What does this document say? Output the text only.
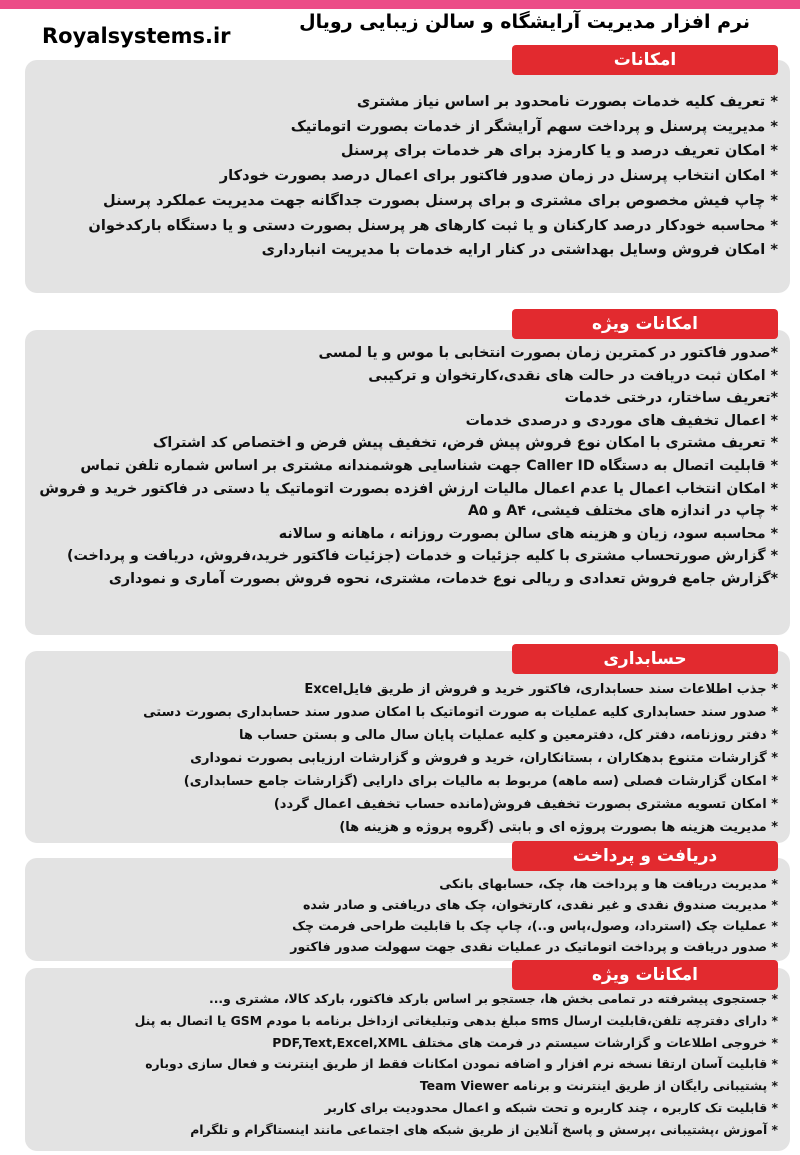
Royalsystems.ir
نرم افزار مدیریت آرایشگاه و سالن زیبایی رویال
* تعریف کلیه خدمات بصورت نامحدود بر اساس نیاز مشتری
* مدیریت پرسنل و پرداخت سهم آرایشگر از خدمات بصورت اتوماتیک
* امکان تعریف درصد و یا کارمزد برای هر خدمات برای پرسنل
* امکان انتخاب پرسنل در زمان صدور فاکتور برای اعمال درصد بصورت خودکار
* چاپ فیش مخصوص برای مشتری و برای پرسنل بصورت جداگانه جهت مدیریت عملکرد پرسنل
* محاسبه خودکار درصد کارکنان و یا ثبت کارهای هر پرسنل بصورت دستی و یا دستگاه بارکدخوان
* امکان فروش وسایل بهداشتی در کنار ارایه خدمات با مدیریت انبارداری
امکانات
*صدور فاکتور در کمترین زمان بصورت انتخابی با موس و یا لمسی
* امکان ثبت دریافت در حالت های نقدی،کارتخوان و ترکیبی
*تعریف ساختار، درختی خدمات
* اعمال تخفیف های موردی و درصدی خدمات
* تعریف مشتری با امکان نوع فروش پیش فرض، تخفیف پیش فرض و اختصاص کد اشتراک
* قابلیت اتصال به دستگاه Caller ID جهت شناسایی هوشمندانه مشتری بر اساس شماره تلفن تماس
* امکان انتخاب اعمال یا عدم اعمال مالیات ارزش افزده بصورت اتوماتیک یا دستی در فاکتور خرید و فروش
* چاپ در اندازه های مختلف فیشی، A۴ و A۵
* محاسبه سود، زیان و هزینه های سالن بصورت روزانه ، ماهانه و سالانه
* گزارش صورتحساب مشتری با کلیه جزئیات و خدمات (جزئیات فاکتور خرید،فروش، دریافت و پرداخت)
*گزارش جامع فروش تعدادی و ریالی نوع خدمات، مشتری، نحوه فروش بصورت آماری و نموداری
امکانات ویژه
* جذب اطلاعات سند حسابداری، فاکتور خرید و فروش از طریق فایلExcel
* صدور سند حسابداری کلیه عملیات به صورت اتوماتیک با امکان صدور سند حسابداری بصورت دستی
* دفتر روزنامه، دفتر کل، دفترمعین و کلیه عملیات پایان سال مالی و بستن حساب ها
* گزارشات متنوع بدهکاران ، بستانکاران، خرید و فروش و گزارشات ارزیابی بصورت نموداری
* امکان گزارشات فصلی (سه ماهه) مربوط به مالیات برای دارایی (گزارشات جامع حسابداری)
* امکان تسویه مشتری بصورت تخفیف فروش(مانده حساب تخفیف اعمال گردد)
* مدیریت هزینه ها بصورت پروژه ای و بابتی (گروه پروژه و هزینه ها)
حسابداری
* مدیریت دریافت ها و پرداخت ها، چک، حسابهای بانکی
* مدیریت صندوق نقدی و غیر نقدی، کارتخوان، چک های دریافتی و صادر شده
* عملیات چک (استرداد، وصول،پاس و..)، چاپ چک با قابلیت طراحی فرمت چک
* صدور دریافت و پرداخت اتوماتیک در عملیات نقدی جهت سهولت صدور فاکتور
دریافت و پرداخت
* جستجوی پیشرفته در تمامی بخش ها، جستجو بر اساس بارکد فاکتور، بارکد کالا، مشتری و...
* دارای دفترچه تلفن،قابلیت ارسال sms مبلغ بدهی وتبلیغاتی ازداخل برنامه با مودم GSM یا اتصال به پنل
* خروجی اطلاعات و گزارشات سیستم در فرمت های مختلف PDF,Text,Excel,XML
* قابلیت آسان ارتقا نسخه نرم افزار و اضافه نمودن امکانات فقط از طریق اینترنت و فعال سازی دوباره
* پشتیبانی رایگان از طریق اینترنت و برنامه Team Viewer
* قابلیت تک کاربره ، چند کاربره و تحت شبکه و اعمال محدودیت برای کاربر
* آموزش ،پشتیبانی ،پرسش و پاسخ آنلاین از طریق شبکه های اجتماعی مانند اینستاگرام و تلگرام
امکانات ویژه
